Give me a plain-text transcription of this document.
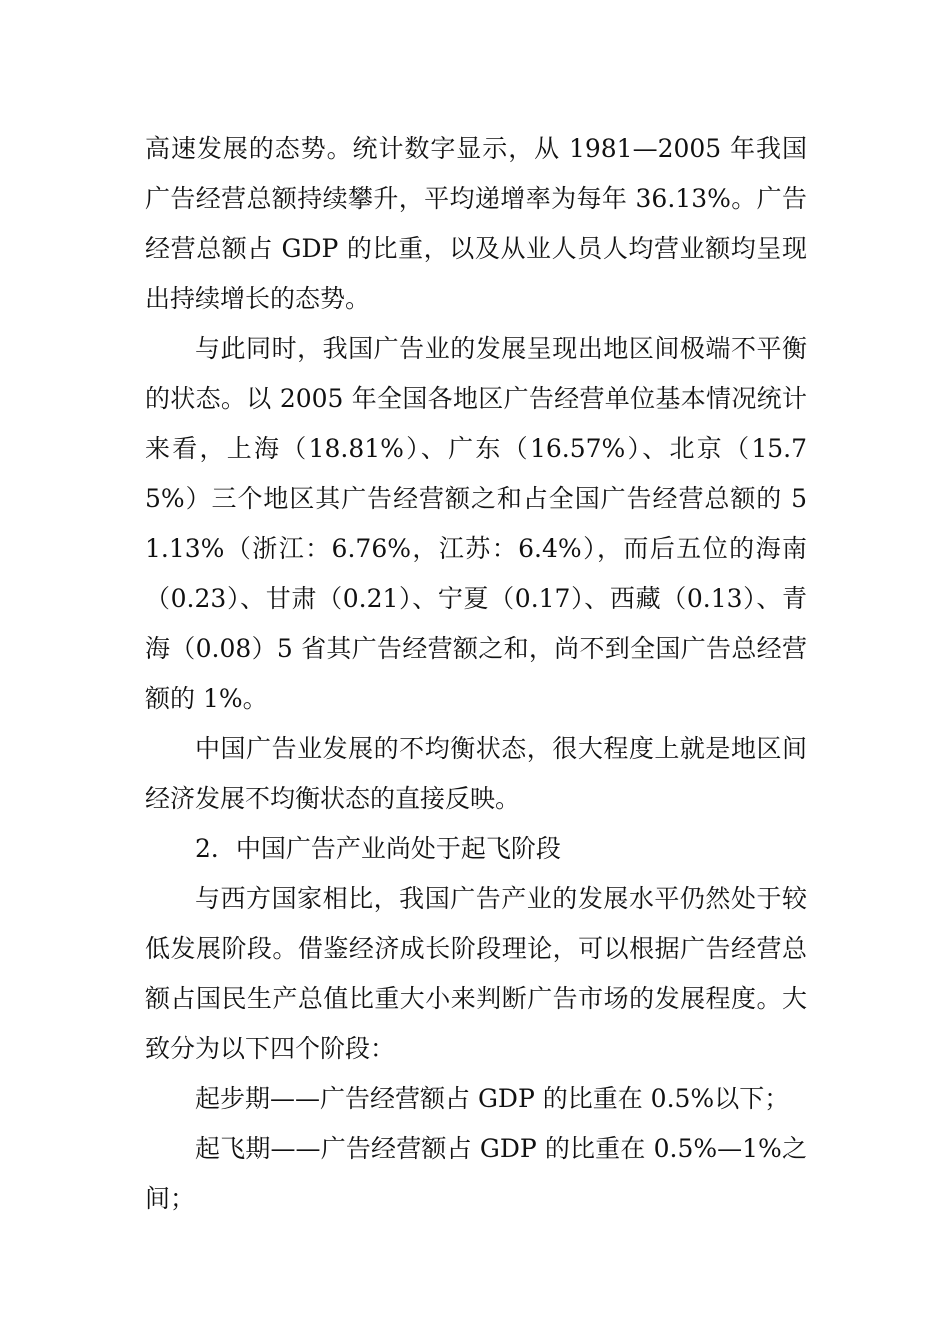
高速发展的态势。统计数字显示，从 1981—2005 年我国广告经营总额持续攀升，平均递增率为每年 36.13%。广告经营总额占 GDP 的比重，以及从业人员人均营业额均呈现出持续增长的态势。

与此同时，我国广告业的发展呈现出地区间极端不平衡的状态。以 2005 年全国各地区广告经营单位基本情况统计来看，上海（18.81%）、广东（16.57%）、北京（15.75%）三个地区其广告经营额之和占全国广告经营总额的 51.13%（浙江：6.76%，江苏：6.4%），而后五位的海南（0.23）、甘肃（0.21）、宁夏（0.17）、西藏（0.13）、青海（0.08）5 省其广告经营额之和，尚不到全国广告总经营额的 1%。

中国广告业发展的不均衡状态，很大程度上就是地区间经济发展不均衡状态的直接反映。

2．中国广告产业尚处于起飞阶段

与西方国家相比，我国广告产业的发展水平仍然处于较低发展阶段。借鉴经济成长阶段理论，可以根据广告经营总额占国民生产总值比重大小来判断广告市场的发展程度。大致分为以下四个阶段：

起步期——广告经营额占 GDP 的比重在 0.5%以下；

起飞期——广告经营额占 GDP 的比重在 0.5%—1%之间；
